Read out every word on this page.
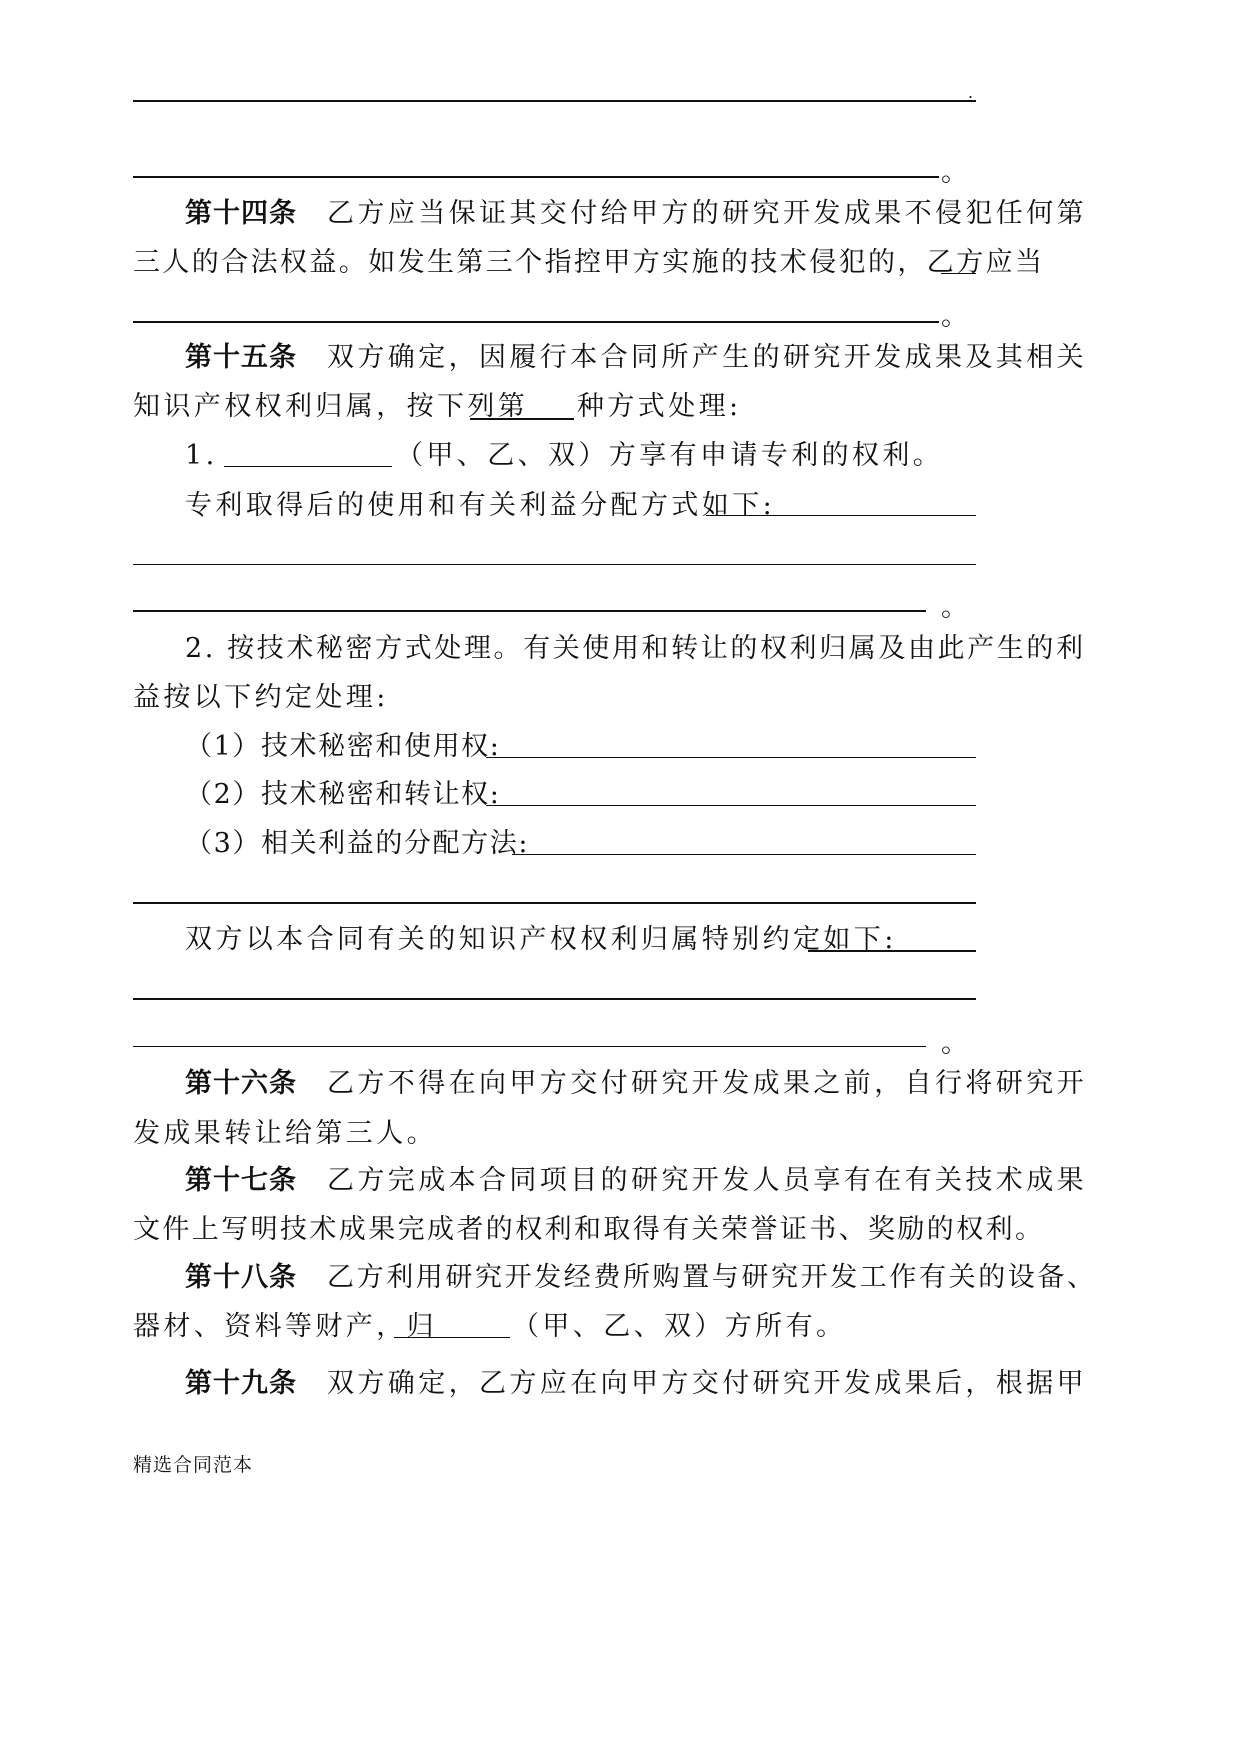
.
。
第十四条 乙方应当保证其交付给甲方的研究开发成果不侵犯任何第
三人的合法权益。如发生第三个指控甲方实施的技术侵犯的，乙方应当
。
第十五条 双方确定，因履行本合同所产生的研究开发成果及其相关
知识产权权利归属，按下列第 种方式处理:
1.	（甲、乙、双）方享有申请专利的权利。
专利取得后的使用和有关利益分配方式如下:
。
2. 按技术秘密方式处理。有关使用和转让的权利归属及由此产生的利
益按以下约定处理:
（1）技术秘密和使用权:
（2）技术秘密和转让权:
（3）相关利益的分配方法:
双方以本合同有关的知识产权权利归属特别约定如下:
。
第十六条 乙方不得在向甲方交付研究开发成果之前，自行将研究开
发成果转让给第三人。
第十七条 乙方完成本合同项目的研究开发人员享有在有关技术成果
文件上写明技术成果完成者的权利和取得有关荣誉证书、奖励的权利。
第十八条 乙方利用研究开发经费所购置与研究开发工作有关的设备、
器材、资料等财产，归	（甲、乙、双）方所有。
第十九条 双方确定，乙方应在向甲方交付研究开发成果后，根据甲
精选合同范本
